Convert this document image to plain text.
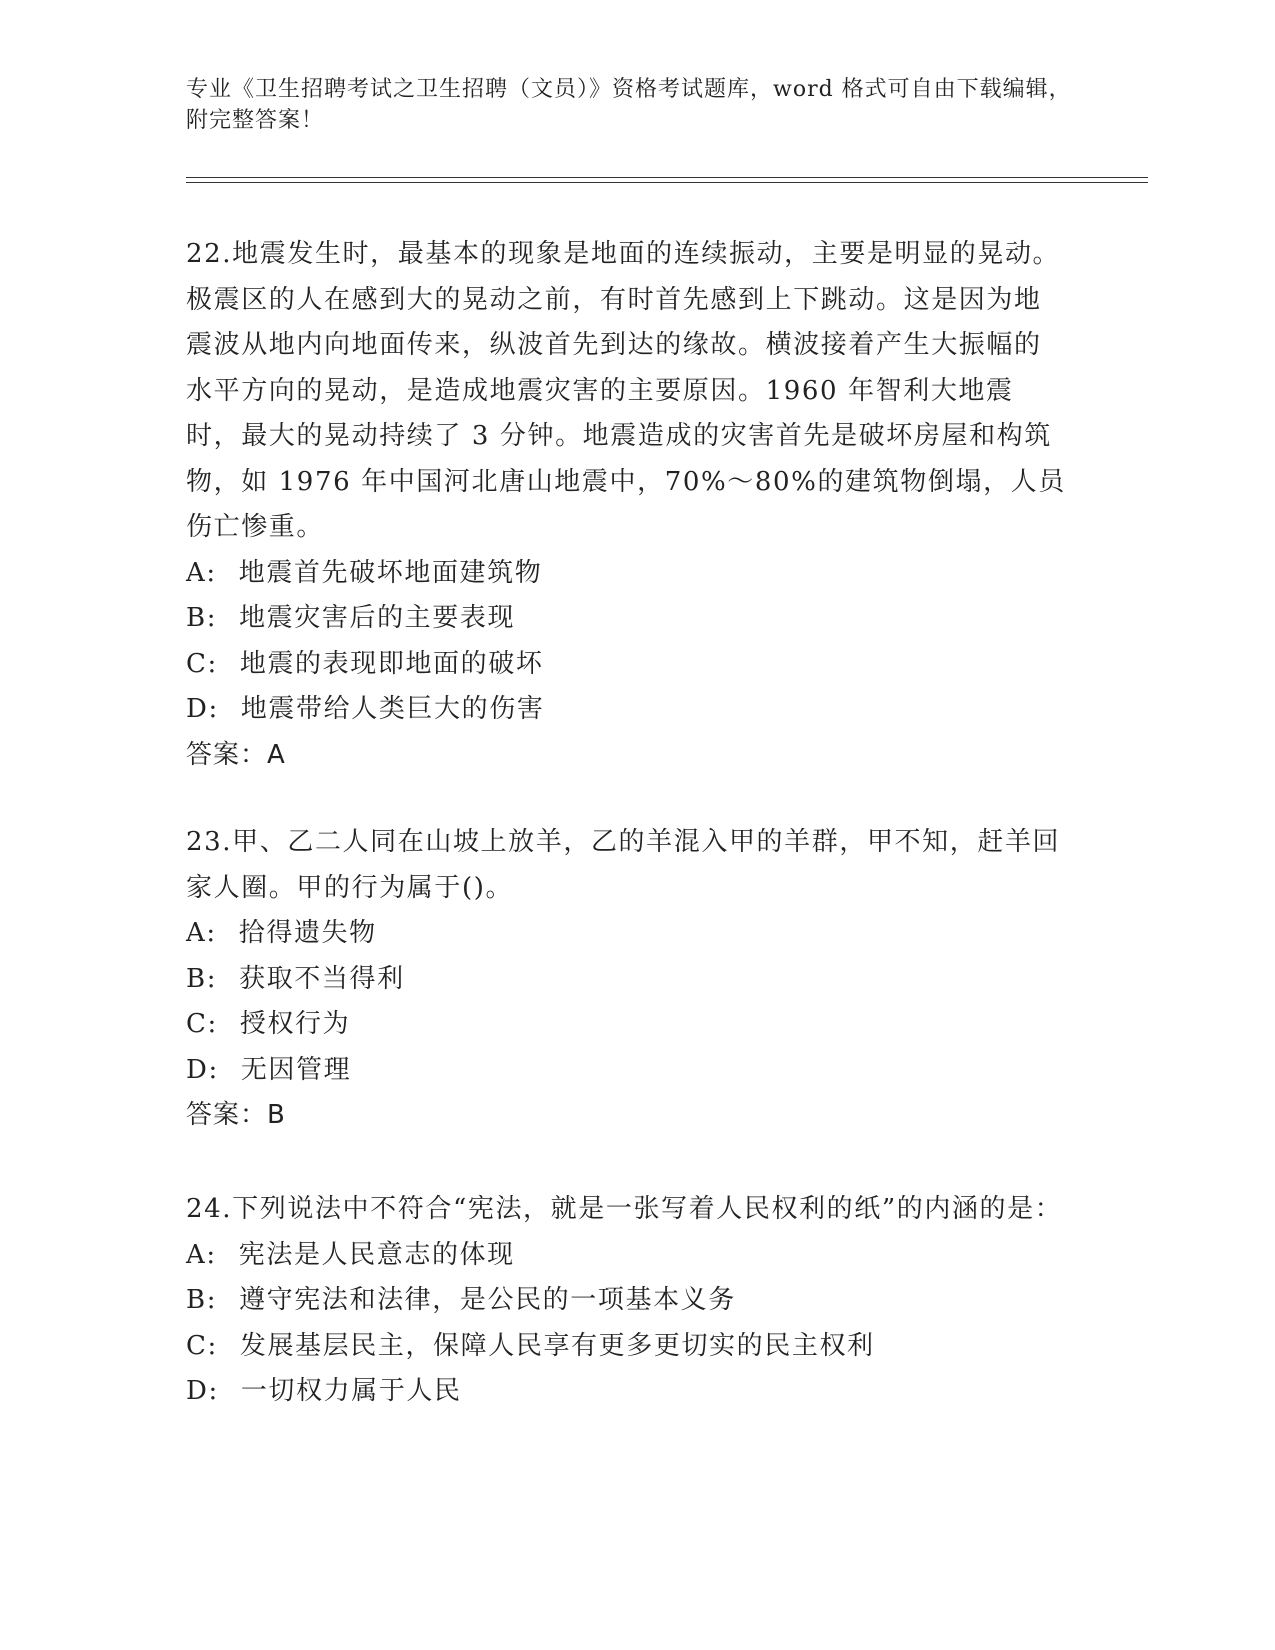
专业《卫生招聘考试之卫生招聘（文员）》资格考试题库，word 格式可自由下载编辑，附完整答案！

22.地震发生时，最基本的现象是地面的连续振动，主要是明显的晃动。极震区的人在感到大的晃动之前，有时首先感到上下跳动。这是因为地震波从地内向地面传来，纵波首先到达的缘故。横波接着产生大振幅的水平方向的晃动，是造成地震灾害的主要原因。1960 年智利大地震时，最大的晃动持续了 3 分钟。地震造成的灾害首先是破坏房屋和构筑物，如 1976 年中国河北唐山地震中，70%～80%的建筑物倒塌，人员伤亡惨重。

A: 地震首先破坏地面建筑物
B: 地震灾害后的主要表现
C: 地震的表现即地面的破坏
D: 地震带给人类巨大的伤害
答案：A

23.甲、乙二人同在山坡上放羊，乙的羊混入甲的羊群，甲不知，赶羊回家人圈。甲的行为属于()。

A: 拾得遗失物
B: 获取不当得利
C: 授权行为
D: 无因管理
答案：B

24.下列说法中不符合“宪法，就是一张写着人民权利的纸”的内涵的是：

A: 宪法是人民意志的体现
B: 遵守宪法和法律，是公民的一项基本义务
C: 发展基层民主，保障人民享有更多更切实的民主权利
D: 一切权力属于人民
